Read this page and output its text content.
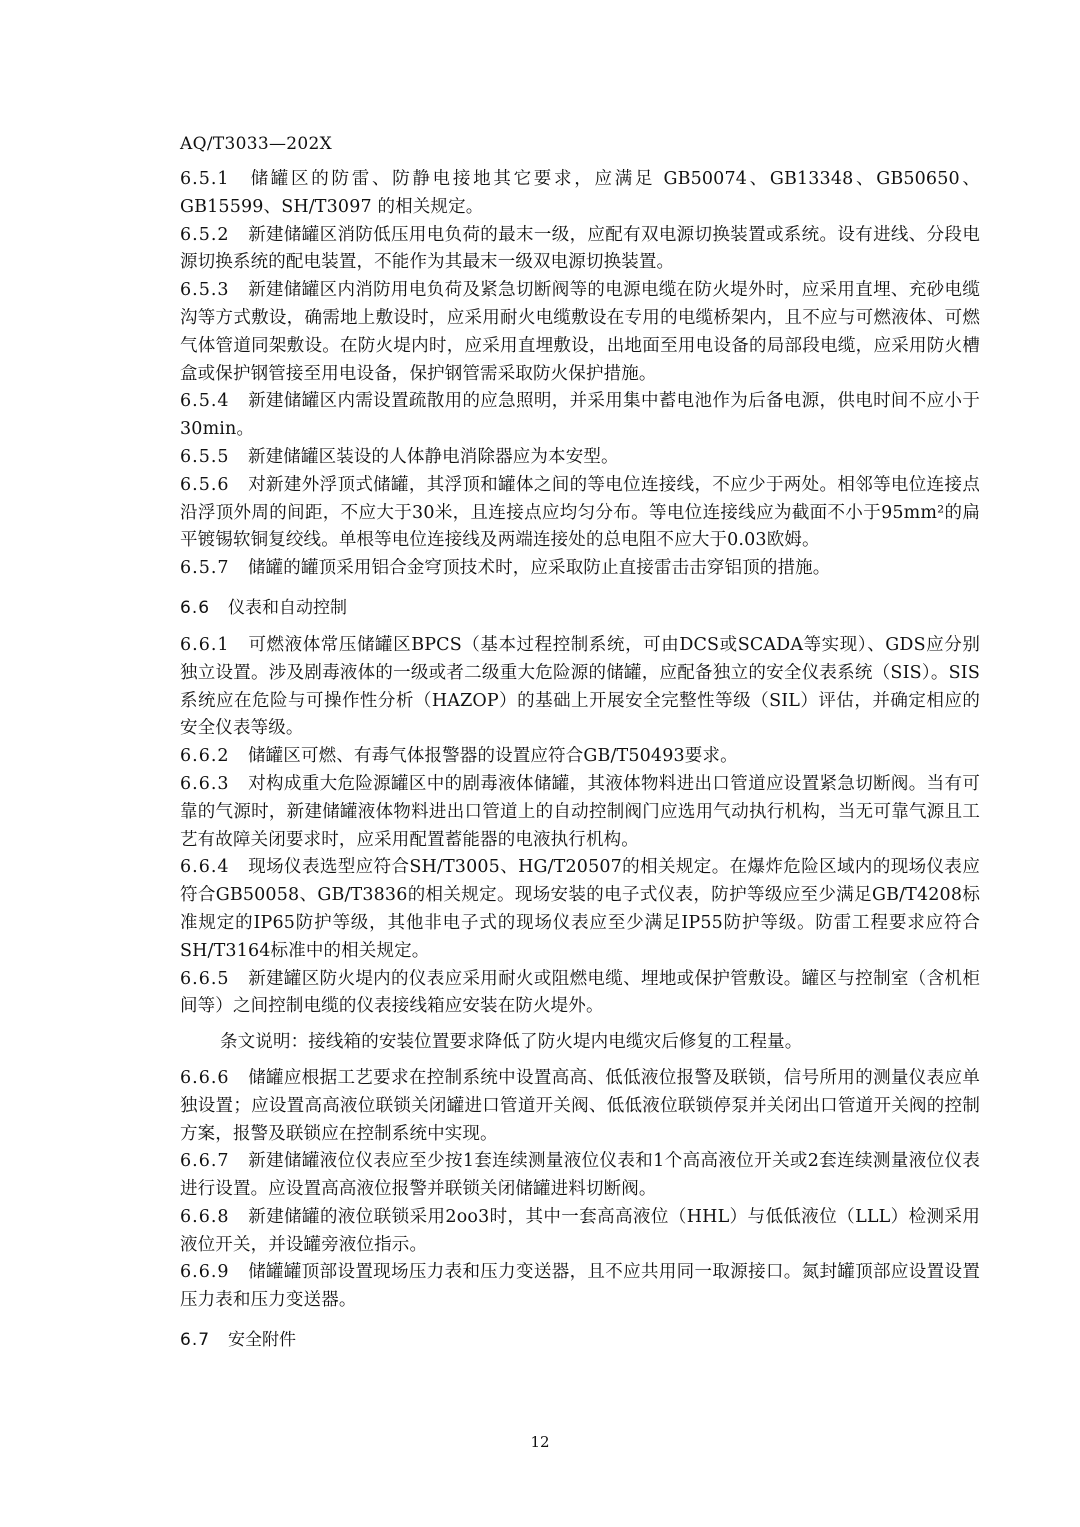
AQ/T3033—202X

6.5.1 储罐区的防雷、防静电接地其它要求，应满足 GB50074、GB13348、GB50650、GB15599、SH/T3097 的相关规定。

6.5.2 新建储罐区消防低压用电负荷的最末一级，应配有双电源切换装置或系统。设有进线、分段电源切换系统的配电装置，不能作为其最末一级双电源切换装置。

6.5.3 新建储罐区内消防用电负荷及紧急切断阀等的电源电缆在防火堤外时，应采用直埋、充砂电缆沟等方式敷设，确需地上敷设时，应采用耐火电缆敷设在专用的电缆桥架内，且不应与可燃液体、可燃气体管道同架敷设。在防火堤内时，应采用直埋敷设，出地面至用电设备的局部段电缆，应采用防火槽盒或保护钢管接至用电设备，保护钢管需采取防火保护措施。

6.5.4 新建储罐区内需设置疏散用的应急照明，并采用集中蓄电池作为后备电源，供电时间不应小于30min。

6.5.5 新建储罐区装设的人体静电消除器应为本安型。

6.5.6 对新建外浮顶式储罐，其浮顶和罐体之间的等电位连接线，不应少于两处。相邻等电位连接点沿浮顶外周的间距，不应大于30米，且连接点应均匀分布。等电位连接线应为截面不小于95mm²的扁平镀锡软铜复绞线。单根等电位连接线及两端连接处的总电阻不应大于0.03欧姆。

6.5.7 储罐的罐顶采用铝合金穹顶技术时，应采取防止直接雷击击穿铝顶的措施。

6.6 仪表和自动控制

6.6.1 可燃液体常压储罐区BPCS（基本过程控制系统，可由DCS或SCADA等实现）、GDS应分别独立设置。涉及剧毒液体的一级或者二级重大危险源的储罐，应配备独立的安全仪表系统（SIS）。SIS系统应在危险与可操作性分析（HAZOP）的基础上开展安全完整性等级（SIL）评估，并确定相应的安全仪表等级。

6.6.2 储罐区可燃、有毒气体报警器的设置应符合GB/T50493要求。

6.6.3 对构成重大危险源罐区中的剧毒液体储罐，其液体物料进出口管道应设置紧急切断阀。当有可靠的气源时，新建储罐液体物料进出口管道上的自动控制阀门应选用气动执行机构，当无可靠气源且工艺有故障关闭要求时，应采用配置蓄能器的电液执行机构。

6.6.4 现场仪表选型应符合SH/T3005、HG/T20507的相关规定。在爆炸危险区域内的现场仪表应符合GB50058、GB/T3836的相关规定。现场安装的电子式仪表，防护等级应至少满足GB/T4208标准规定的IP65防护等级，其他非电子式的现场仪表应至少满足IP55防护等级。防雷工程要求应符合SH/T3164标准中的相关规定。

6.6.5 新建罐区防火堤内的仪表应采用耐火或阻燃电缆、埋地或保护管敷设。罐区与控制室（含机柜间等）之间控制电缆的仪表接线箱应安装在防火堤外。

条文说明：接线箱的安装位置要求降低了防火堤内电缆灾后修复的工程量。

6.6.6 储罐应根据工艺要求在控制系统中设置高高、低低液位报警及联锁，信号所用的测量仪表应单独设置；应设置高高液位联锁关闭罐进口管道开关阀、低低液位联锁停泵并关闭出口管道开关阀的控制方案，报警及联锁应在控制系统中实现。

6.6.7 新建储罐液位仪表应至少按1套连续测量液位仪表和1个高高液位开关或2套连续测量液位仪表进行设置。应设置高高液位报警并联锁关闭储罐进料切断阀。

6.6.8 新建储罐的液位联锁采用2oo3时，其中一套高高液位（HHL）与低低液位（LLL）检测采用液位开关，并设罐旁液位指示。

6.6.9 储罐罐顶部设置现场压力表和压力变送器，且不应共用同一取源接口。氮封罐顶部应设置设置压力表和压力变送器。

6.7 安全附件
12
